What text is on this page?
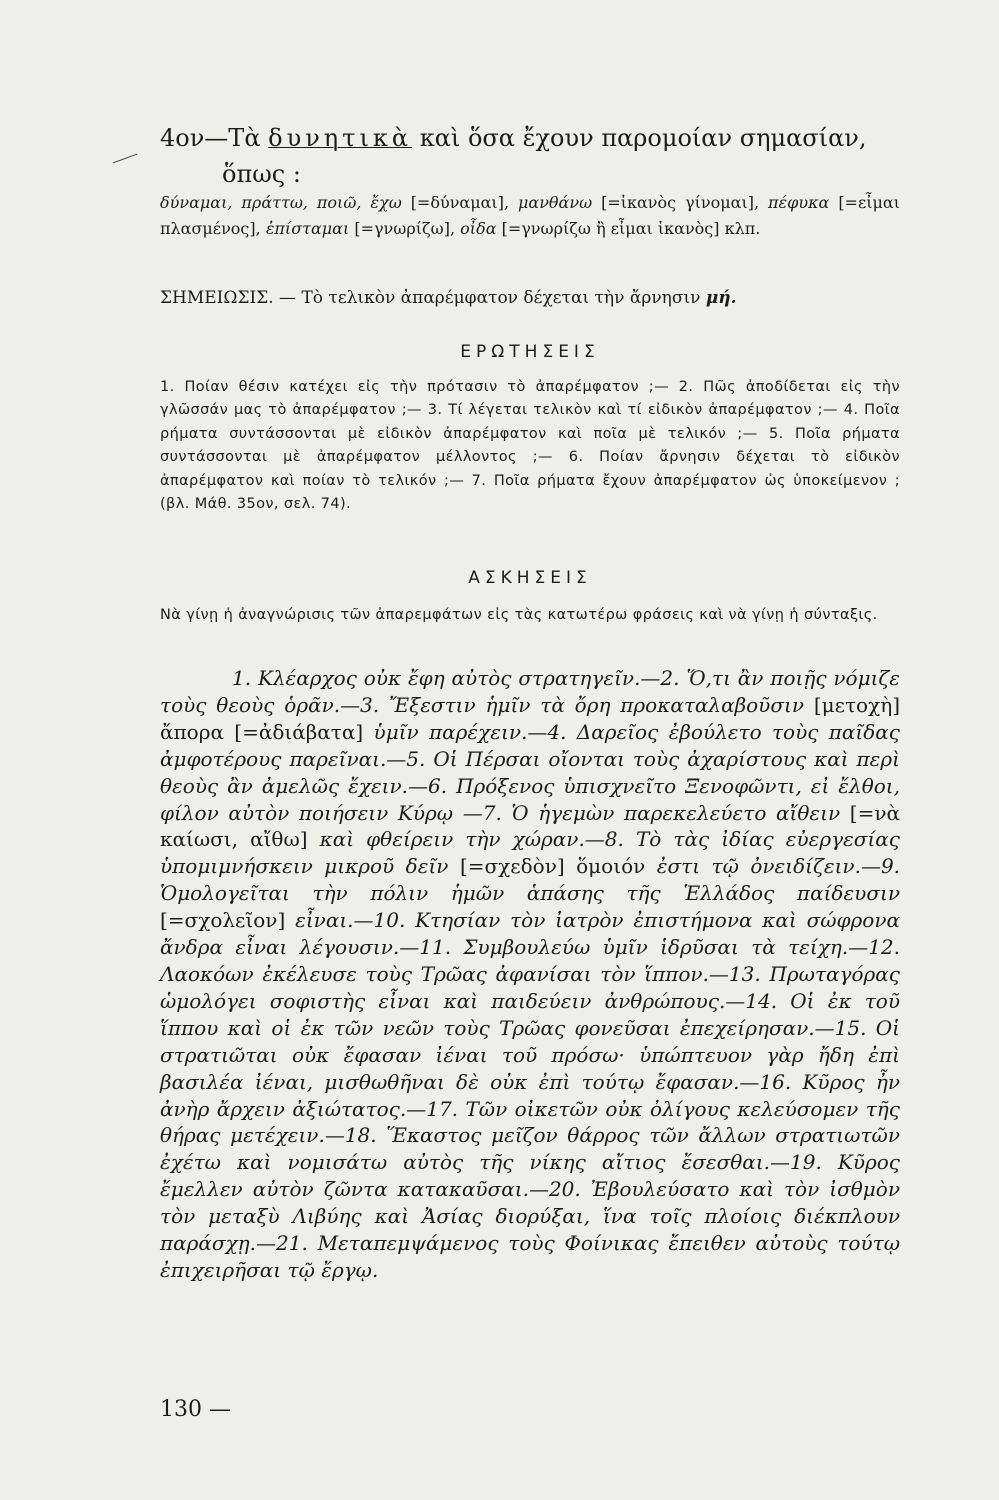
4ον—Τὰ δυνητικὰ καὶ ὅσα ἔχουν παρομοίαν σημασίαν,
ὅπως :

δύναμαι, πράττω, ποιῶ, ἔχω [=δύναμαι], μανθάνω [=ἱκανὸς γίνομαι], πέφυκα [=εἶμαι πλασμένος], ἐπίσταμαι [=γνωρίζω], οἶδα [=γνωρίζω ἢ εἶμαι ἱκανὸς] κλπ.

ΣΗΜΕΙΩΣΙΣ. — Τὸ τελικὸν ἀπαρέμφατον δέχεται τὴν ἄρνησιν μή.

ΕΡΩΤΗΣΕΙΣ

1. Ποίαν θέσιν κατέχει εἰς τὴν πρότασιν τὸ ἀπαρέμφατον ;— 2. Πῶς ἀποδίδεται εἰς τὴν γλῶσσάν μας τὸ ἀπαρέμφατον ;— 3. Τί λέγεται τελικὸν καὶ τί εἰδικὸν ἀπαρέμφατον ;— 4. Ποῖα ρήματα συντάσσονται μὲ εἰδικὸν ἀπαρέμφατον καὶ ποῖα μὲ τελικόν ;— 5. Ποῖα ρήματα συντάσσονται μὲ ἀπαρέμφατον μέλλοντος ;— 6. Ποίαν ἄρνησιν δέχεται τὸ εἰδικὸν ἀπαρέμφατον καὶ ποίαν τὸ τελικόν ;— 7. Ποῖα ρήματα ἔχουν ἀπαρέμφατον ὡς ὑποκείμενον ; (βλ. Μάθ. 35ον, σελ. 74).

ΑΣΚΗΣΕΙΣ

Νὰ γίνῃ ἡ ἀναγνώρισις τῶν ἀπαρεμφάτων εἰς τὰς κατωτέρω φράσεις καὶ νὰ γίνῃ ἡ σύνταξις.

1. Κλέαρχος οὐκ ἔφη αὐτὸς στρατηγεῖν.—2. Ὅ,τι ἂν ποιῇς νόμιζε τοὺς θεοὺς ὁρᾶν.—3. Ἔξεστιν ἡμῖν τὰ ὄρη προκαταλαβοῦσιν [μετοχὴ] ἄπορα [=ἀδιάβατα] ὑμῖν παρέχειν.—4. Δαρεῖος ἐβούλετο τοὺς παῖδας ἀμφοτέρους παρεῖναι.—5. Οἱ Πέρσαι οἴονται τοὺς ἀχαρίστους καὶ περὶ θεοὺς ἂν ἀμελῶς ἔχειν.—6. Πρόξενος ὑπισχνεῖτο Ξενοφῶντι, εἰ ἔλθοι, φίλον αὐτὸν ποιήσειν Κύρῳ —7. Ὁ ἡγεμὼν παρεκελεύετο αἴθειν [=νὰ καίωσι, αἴθω] καὶ φθείρειν τὴν χώραν.—8. Τὸ τὰς ἰδίας εὐεργεσίας ὑπομιμνήσκειν μικροῦ δεῖν [=σχεδὸν] ὅμοιόν ἐστι τῷ ὀνειδίζειν.—9. Ὁμολογεῖται τὴν πόλιν ἡμῶν ἁπάσης τῆς Ἑλλάδος παίδευσιν [=σχολεῖον] εἶναι.—10. Κτησίαν τὸν ἰατρὸν ἐπιστήμονα καὶ σώφρονα ἄνδρα εἶναι λέγουσιν.—11. Συμβουλεύω ὑμῖν ἱδρῦσαι τὰ τείχη.—12. Λαοκόων ἐκέλευσε τοὺς Τρῶας ἀφανίσαι τὸν ἵππον.—13. Πρωταγόρας ὡμολόγει σοφιστὴς εἶναι καὶ παιδεύειν ἀνθρώπους.—14. Οἱ ἐκ τοῦ ἵππου καὶ οἱ ἐκ τῶν νεῶν τοὺς Τρῶας φονεῦσαι ἐπεχείρησαν.—15. Οἱ στρατιῶται οὐκ ἔφασαν ἰέναι τοῦ πρόσω· ὑπώπτευον γὰρ ἤδη ἐπὶ βασιλέα ἰέναι, μισθωθῆναι δὲ οὐκ ἐπὶ τούτῳ ἔφασαν.—16. Κῦρος ἦν ἀνὴρ ἄρχειν ἀξιώτατος.—17. Τῶν οἰκετῶν οὐκ ὀλίγους κελεύσομεν τῆς θήρας μετέχειν.—18. Ἕκαστος μεῖζον θάρρος τῶν ἄλλων στρατιωτῶν ἐχέτω καὶ νομισάτω αὐτὸς τῆς νίκης αἴτιος ἔσεσθαι.—19. Κῦρος ἔμελλεν αὐτὸν ζῶντα κατακαῦσαι.—20. Ἐβουλεύσατο καὶ τὸν ἰσθμὸν τὸν μεταξὺ Λιβύης καὶ Ἀσίας διορύξαι, ἵνα τοῖς πλοίοις διέκπλουν παράσχῃ.—21. Μεταπεμψάμενος τοὺς Φοίνικας ἔπειθεν αὐτοὺς τούτῳ ἐπιχειρῆσαι τῷ ἔργῳ.

130 —
